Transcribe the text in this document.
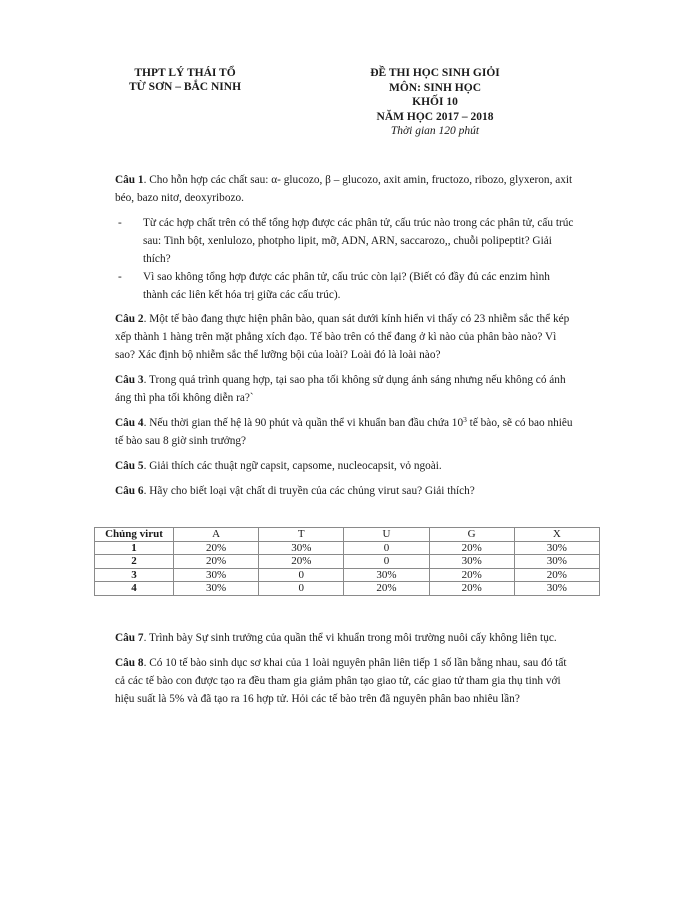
THPT LÝ THÁI TỔ
TỪ SƠN – BẮC NINH
ĐỀ THI HỌC SINH GIỎI
MÔN: SINH HỌC
KHỐI 10
NĂM HỌC 2017 – 2018
Thời gian 120 phút

Câu 1. Cho hỗn hợp các chất sau: α- glucozo, β – glucozo, axit amin, fructozo, ribozo, glyxeron, axit béo, bazo nitơ, deoxyribozo.

- Từ các hợp chất trên có thể tổng hợp được các phân tử, cấu trúc nào trong các phân tử, cấu trúc sau: Tinh bột, xenlulozo, photpho lipit, mỡ, ADN, ARN, saccarozo,, chuỗi polipeptit? Giải thích?
- Vì sao không tổng hợp được các phân tử, cấu trúc còn lại? (Biết có đầy đủ các enzim hình thành các liên kết hóa trị giữa các cấu trúc).

Câu 2. Một tế bào đang thực hiện phân bào, quan sát dưới kính hiển vi thấy có 23 nhiễm sắc thể kép xếp thành 1 hàng trên mặt phẳng xích đạo. Tế bào trên có thể đang ở kì nào của phân bào nào? Vì sao? Xác định bộ nhiễm sắc thể lưỡng bội của loài? Loài đó là loài nào?

Câu 3. Trong quá trình quang hợp, tại sao pha tối không sử dụng ánh sáng nhưng nếu không có ánh áng thì pha tối không diễn ra?`

Câu 4. Nếu thời gian thế hệ là 90 phút và quần thể vi khuẩn ban đầu chứa $10^3$ tế bào, sẽ có bao nhiêu tế bào sau 8 giờ sinh trưởng?

Câu 5. Giải thích các thuật ngữ capsit, capsome, nucleocapsit, vỏ ngoài.

Câu 6. Hãy cho biết loại vật chất di truyền của các chủng virut sau? Giải thích?

Chủng virut	A	T	U	G	X
1	20%	30%	0	20%	30%
2	20%	20%	0	30%	30%
3	30%	0	30%	20%	20%
4	30%	0	20%	20%	30%

Câu 7. Trình bày Sự sinh trưởng của quần thể vi khuẩn trong môi trường nuôi cấy không liên tục.

Câu 8. Có 10 tế bào sinh dục sơ khai của 1 loài nguyên phân liên tiếp 1 số lần bằng nhau, sau đó tất cả các tế bào con được tạo ra đều tham gia giảm phân tạo giao tử, các giao tử tham gia thụ tinh với hiệu suất là 5% và đã tạo ra 16 hợp tử. Hỏi các tế bào trên đã nguyên phân bao nhiêu lần?
